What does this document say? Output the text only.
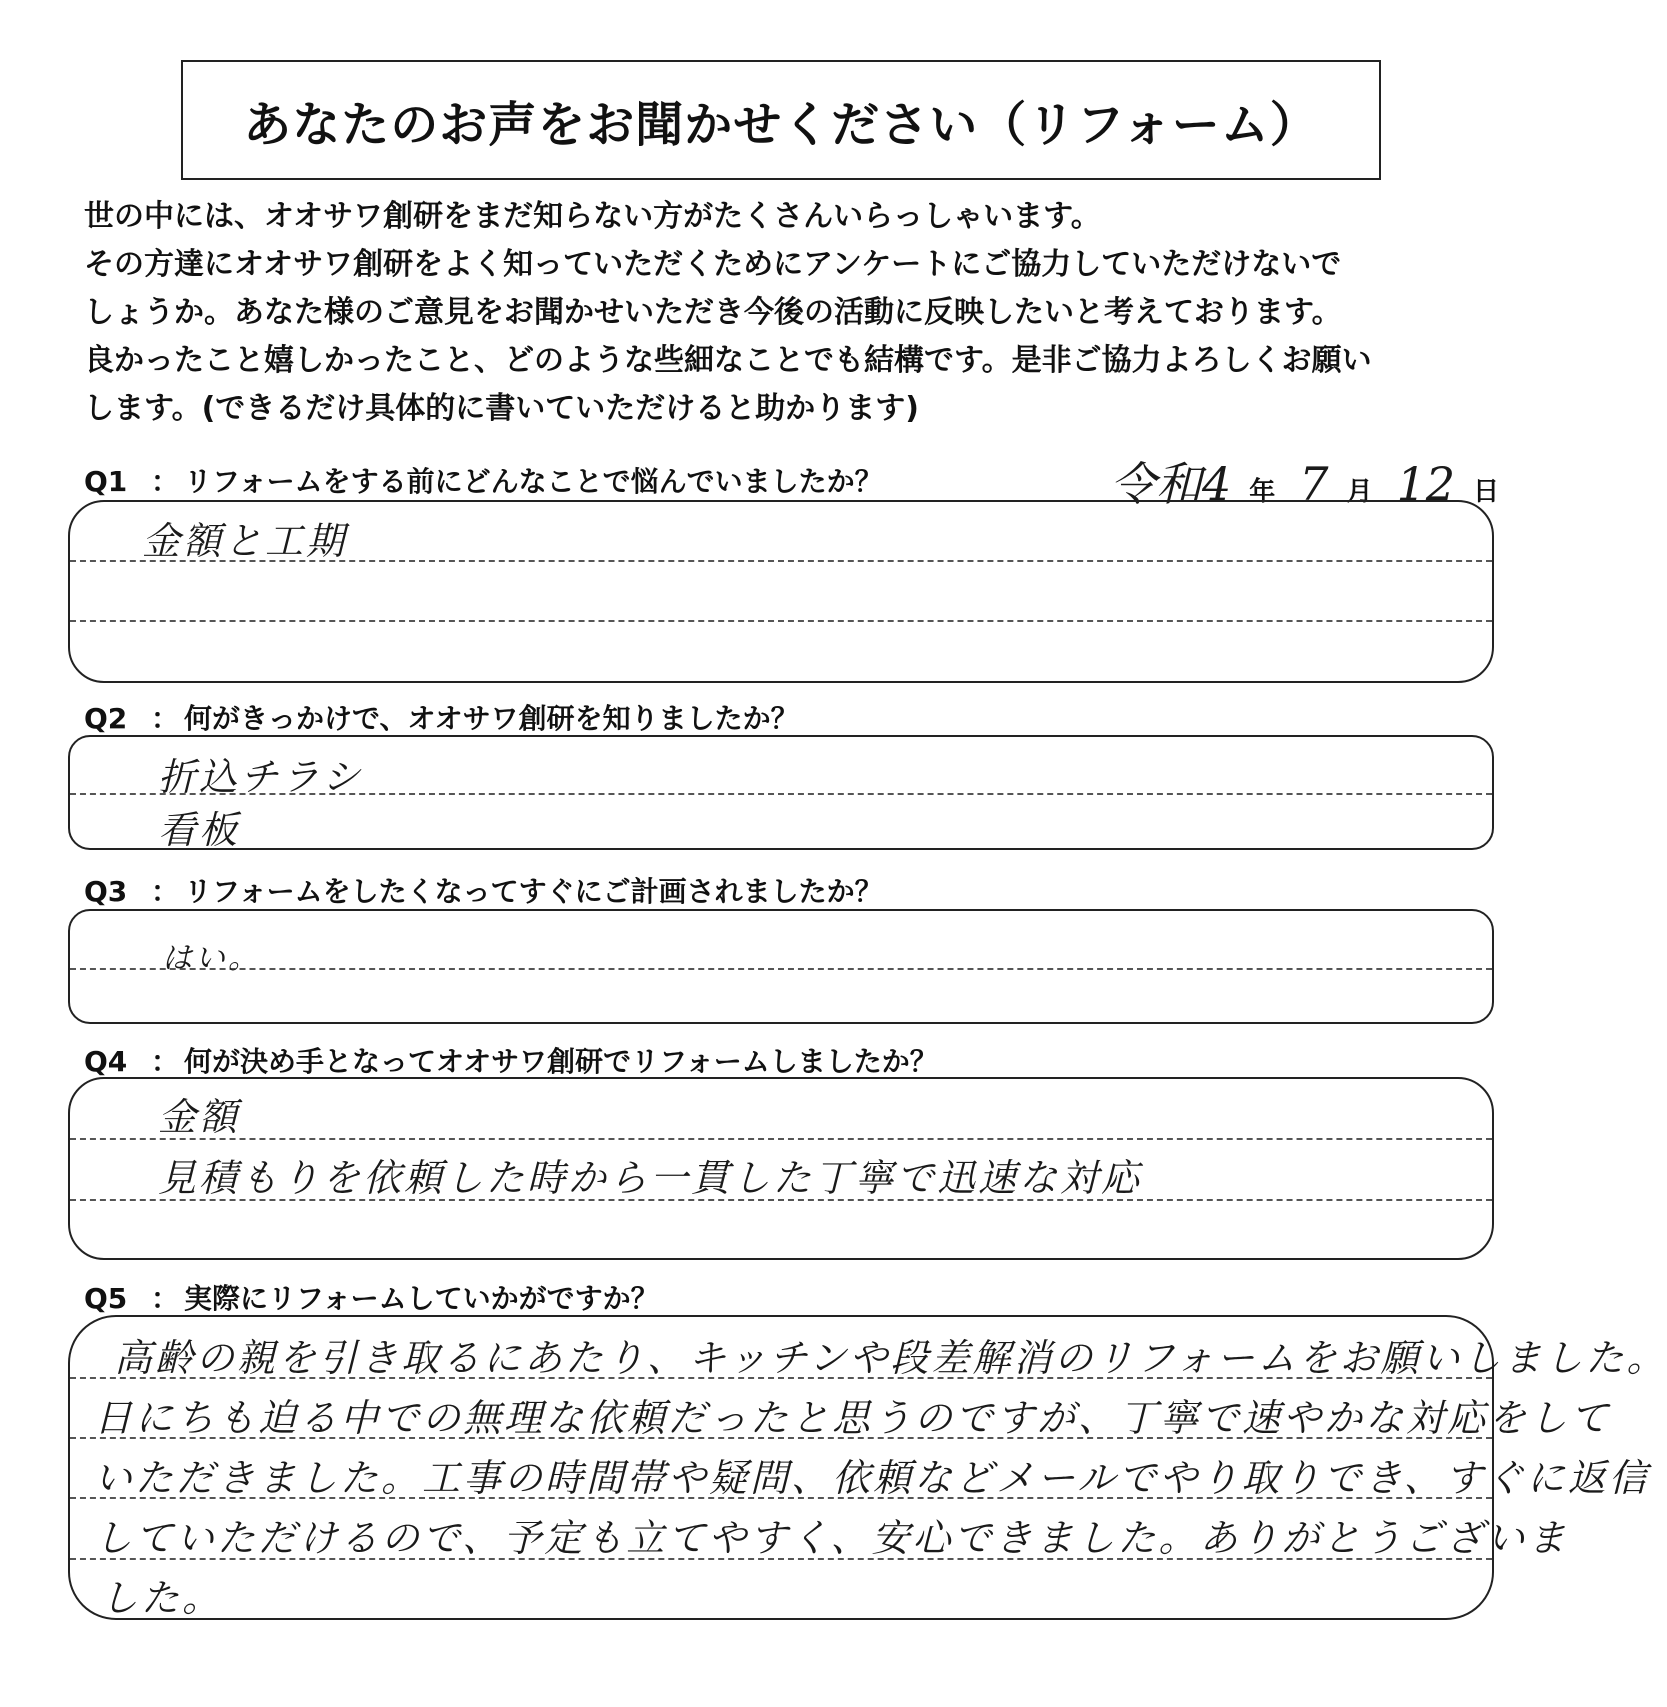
あなたのお声をお聞かせください（リフォーム）

世の中には、オオサワ創研をまだ知らない方がたくさんいらっしゃいます。

その方達にオオサワ創研をよく知っていただくためにアンケートにご協力していただけないで

しょうか。あなた様のご意見をお聞かせいただき今後の活動に反映したいと考えております。

良かったこと嬉しかったこと、どのような些細なことでも結構です。是非ご協力よろしくお願い

します。(できるだけ具体的に書いていただけると助かります)

Q1 ： リフォームをする前にどんなことで悩んでいましたか？	令和4 年 7 月 12 日
金額と工期
Q2 ： 何がきっかけで、オオサワ創研を知りましたか？
折込チラシ
看板
Q3 ： リフォームをしたくなってすぐにご計画されましたか？
はい。
Q4 ： 何が決め手となってオオサワ創研でリフォームしましたか？
金額
見積もりを依頼した時から一貫した丁寧で迅速な対応
Q5 ： 実際にリフォームしていかがですか？
高齢の親を引き取るにあたり、キッチンや段差解消のリフォームをお願いしました。
日にちも迫る中での無理な依頼だったと思うのですが、丁寧で速やかな対応をして
いただきました。工事の時間帯や疑問、依頼などメールでやり取りでき、すぐに返信
していただけるので、予定も立てやすく、安心できました。ありがとうございま
した。
